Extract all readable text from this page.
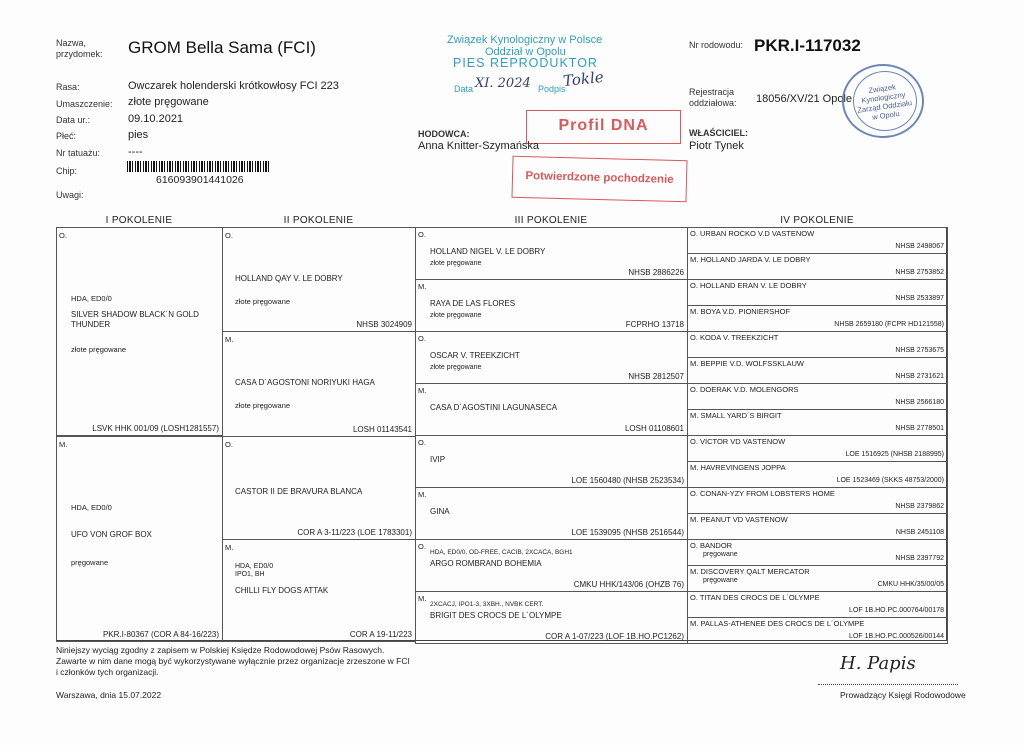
Nazwa,
przydomek: GROM Bella Sama (FCI)
Rasa:	Owczarek holenderski krótkowłosy FCI 223
Umaszczenie: złote pręgowane
Data ur.:	09.10.2021
Płeć:	pies
Nr tatuażu:	----
Chip:
616093901441026
Uwagi:
Związek Kynologiczny w Polsce
Oddział w Opolu
PIES REPRODUKTOR
Data XI. 2024 Podpis
Tokle
Profil DNA
Potwierdzone pochodzenie
HODOWCA:
Anna Knitter-Szymańska
Nr rodowodu: PKR.I-117032
Rejestracja
oddziałowa: 18056/XV/21 Opole
WŁAŚCICIEL:
Piotr Tynek
Związek Kynologiczny Zarząd Oddziału w Opolu
I POKOLENIE	II POKOLENIE	III POKOLENIE	IV POKOLENIE
O.
HDA, ED0/0
SILVER SHADOW BLACK´N GOLD
THUNDER
złote pręgowane
LSVK HHK 001/09 (LOSH1281557)
M.
HDA, ED0/0
UFO VON GROF BOX
pręgowane
PKR.I-80367 (COR A 84-16/223)
O.
HOLLAND QAY V. LE DOBRY
złote pręgowane
NHSB 3024909
M.
CASA D´AGOSTONI NORIYUKI HAGA
złote pręgowane
LOSH 01143541
O.
CASTOR II DE BRAVURA BLANCA
COR A 3-11/223 (LOE 1783301)
M.
HDA, ED0/0
IPO1, BH
CHILLI FLY DOGS ATTAK
COR A 19-11/223
O.
HOLLAND NIGEL V. LE DOBRY
złote pręgowane
NHSB 2886226
M.
RAYA DE LAS FLORES
złote pręgowane
FCPRHO 13718
O.
OSCAR V. TREEKZICHT
złote pręgowane
NHSB 2812507
M.
CASA D´AGOSTINI LAGUNASECA
LOSH 01108601
O.
IVIP
LOE 1560480 (NHSB 2523534)
M.
GINA
LOE 1539095 (NHSB 2516544)
O.
HDA, ED0/0, OD-FREE, CACIB, 2XCACA, BGH1
ARGO ROMBRAND BOHEMIA
CMKU HHK/143/06 (OHZB 76)
M.
2XCACJ, IPO1-3, 3XBH., NVBK CERT.
BRIGIT DES CROCS DE L´OLYMPE
COR A 1-07/223 (LOF 1B.HO.PC1262)
O. URBAN ROCKO V.D VASTENOW
NHSB 2498067
M. HOLLAND JARDA V. LE DOBRY
NHSB 2753852
O. HOLLAND ERAN V. LE DOBRY
NHSB 2533897
M. BOYA V.D. PIONIERSHOF
NHSB 2659180 (FCPR HD121558)
O. KODA V. TREEKZICHT
NHSB 2753675
M. BEPPIE V.D. WOLFSSKLAUW
NHSB 2731621
O. DOERAK V.D. MOLENGORS
NHSB 2566180
M. SMALL YARD´S BIRGIT
NHSB 2778501
O. VICTOR VD VASTENOW
LOE 1516925 (NHSB 2188995)
M. HAVREVINGENS JOPPA
LOE 1523469 (SKKS 48753/2000)
O. CONAN-YZY FROM LOBSTERS HOME
NHSB 2379862
M. PEANUT VD VASTENOW
NHSB 2451108
O. BANDOR
pręgowane
NHSB 2397792
M. DISCOVERY QALT MERCATOR
pręgowane
CMKU HHK/35/00/05
O. TITAN DES CROCS DE L´OLYMPE
LOF 1B.HO.PC.000764/00178
M. PALLAS-ATHENEE DES CROCS DE L´OLYMPE
LOF 1B.HO.PC.000526/00144
Niniejszy wyciąg zgodny z zapisem w Polskiej Księdze Rodowodowej Psów Rasowych.
Zawarte w nim dane mogą być wykorzystywane wyłącznie przez organizacje zrzeszone w FCI
i członków tych organizacji.
Warszawa, dnia 15.07.2022
H. Papis
Prowadzący Księgi Rodowodowe
